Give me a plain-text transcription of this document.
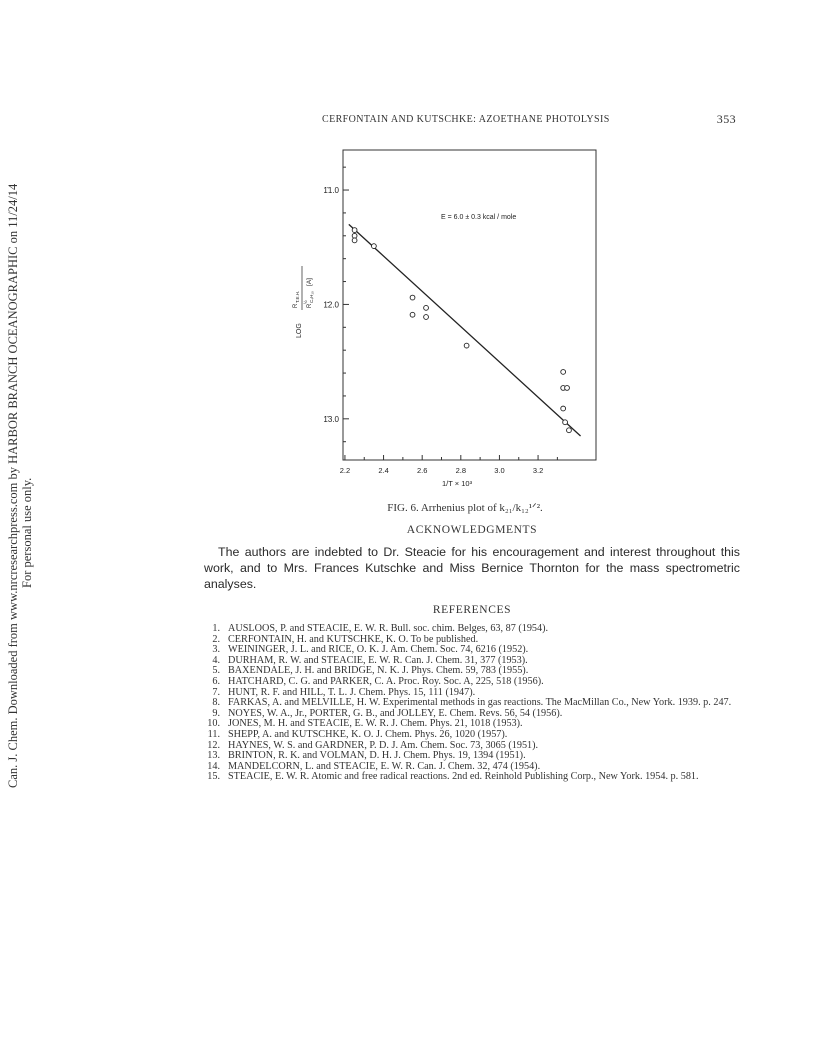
Can. J. Chem. Downloaded from www.nrcresearchpress.com by HARBOR BRANCH OCEANOGRAPHIC on 11/24/14 For personal use only.
CERFONTAIN AND KUTSCHKE: AZOETHANE PHOTOLYSIS	353
2.2	2.4	2.6	2.8	3.0	3.2
1̄1.0
1̄2.0
1̄3.0
E = 6.0 ± 0.3 kcal / mole
LOG
R
T.E.H.
R
C₄H₁₀
½
[A]
1/T × 10³
FIG. 6. Arrhenius plot of k₂₁/k₁₂¹ᐟ².
ACKNOWLEDGMENTS
The authors are indebted to Dr. Steacie for his encouragement and interest throughout this work, and to Mrs. Frances Kutschke and Miss Bernice Thornton for the mass spectrometric analyses.
REFERENCES
1. AUSLOOS, P. and STEACIE, E. W. R. Bull. soc. chim. Belges, 63, 87 (1954).
2. CERFONTAIN, H. and KUTSCHKE, K. O. To be published.
3. WEININGER, J. L. and RICE, O. K. J. Am. Chem. Soc. 74, 6216 (1952).
4. DURHAM, R. W. and STEACIE, E. W. R. Can. J. Chem. 31, 377 (1953).
5. BAXENDALE, J. H. and BRIDGE, N. K. J. Phys. Chem. 59, 783 (1955).
6. HATCHARD, C. G. and PARKER, C. A. Proc. Roy. Soc. A, 225, 518 (1956).
7. HUNT, R. F. and HILL, T. L. J. Chem. Phys. 15, 111 (1947).
8. FARKAS, A. and MELVILLE, H. W. Experimental methods in gas reactions. The MacMillan Co., New York. 1939. p. 247.
9. NOYES, W. A., Jr., PORTER, G. B., and JOLLEY, E. Chem. Revs. 56, 54 (1956).
10. JONES, M. H. and STEACIE, E. W. R. J. Chem. Phys. 21, 1018 (1953).
11. SHEPP, A. and KUTSCHKE, K. O. J. Chem. Phys. 26, 1020 (1957).
12. HAYNES, W. S. and GARDNER, P. D. J. Am. Chem. Soc. 73, 3065 (1951).
13. BRINTON, R. K. and VOLMAN, D. H. J. Chem. Phys. 19, 1394 (1951).
14. MANDELCORN, L. and STEACIE, E. W. R. Can. J. Chem. 32, 474 (1954).
15. STEACIE, E. W. R. Atomic and free radical reactions. 2nd ed. Reinhold Publishing Corp., New York. 1954. p. 581.
